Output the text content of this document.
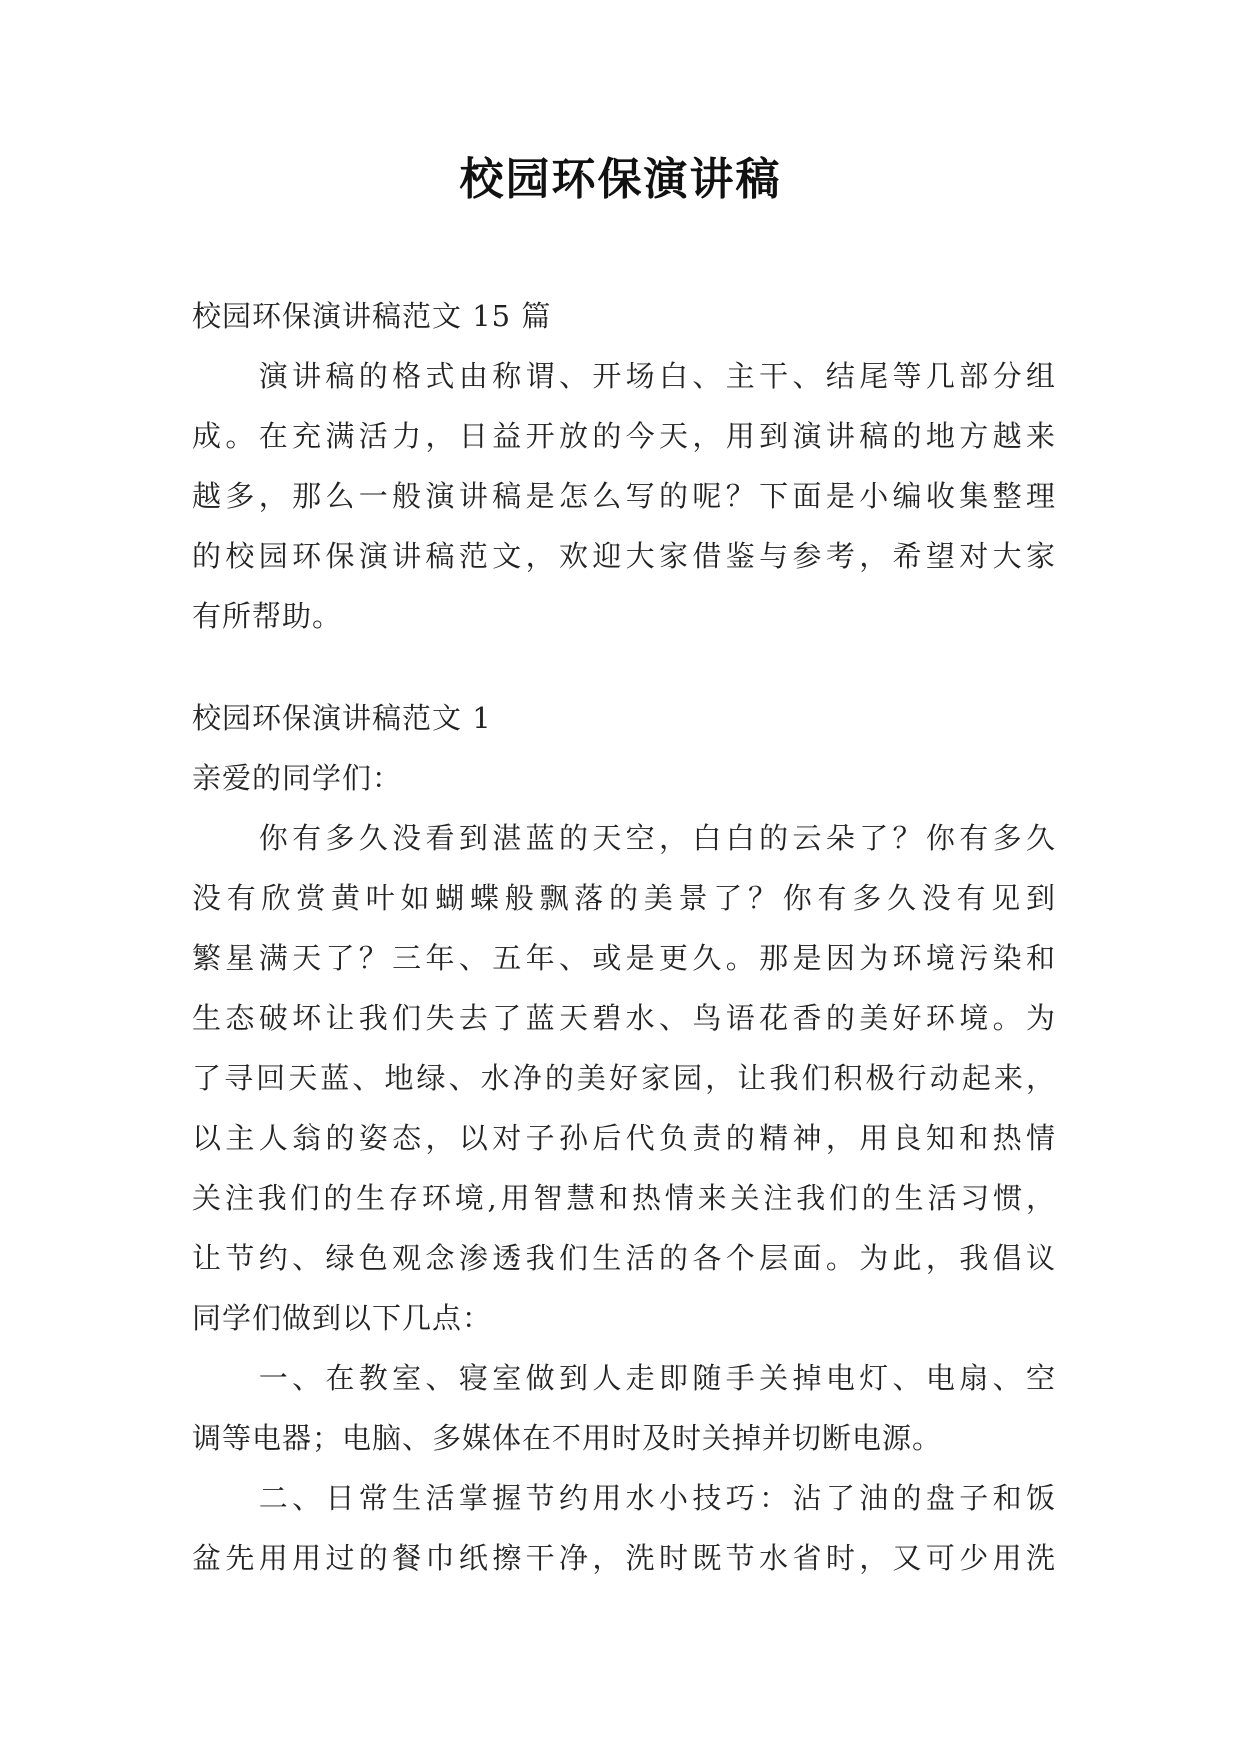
校园环保演讲稿
校园环保演讲稿范文 15 篇
　　演讲稿的格式由称谓、开场白、主干、结尾等几部分组
成。在充满活力，日益开放的今天，用到演讲稿的地方越来
越多，那么一般演讲稿是怎么写的呢？下面是小编收集整理
的校园环保演讲稿范文，欢迎大家借鉴与参考，希望对大家
有所帮助。
校园环保演讲稿范文 1
亲爱的同学们：
　　你有多久没看到湛蓝的天空，白白的云朵了？你有多久
没有欣赏黄叶如蝴蝶般飘落的美景了？你有多久没有见到
繁星满天了？三年、五年、或是更久。那是因为环境污染和
生态破坏让我们失去了蓝天碧水、鸟语花香的美好环境。为
了寻回天蓝、地绿、水净的美好家园，让我们积极行动起来，
以主人翁的姿态，以对子孙后代负责的精神，用良知和热情
关注我们的生存环境,用智慧和热情来关注我们的生活习惯，
让节约、绿色观念渗透我们生活的各个层面。为此，我倡议
同学们做到以下几点：
　　一、在教室、寝室做到人走即随手关掉电灯、电扇、空
调等电器；电脑、多媒体在不用时及时关掉并切断电源。
　　二、日常生活掌握节约用水小技巧：沾了油的盘子和饭
盆先用用过的餐巾纸擦干净，洗时既节水省时，又可少用洗
